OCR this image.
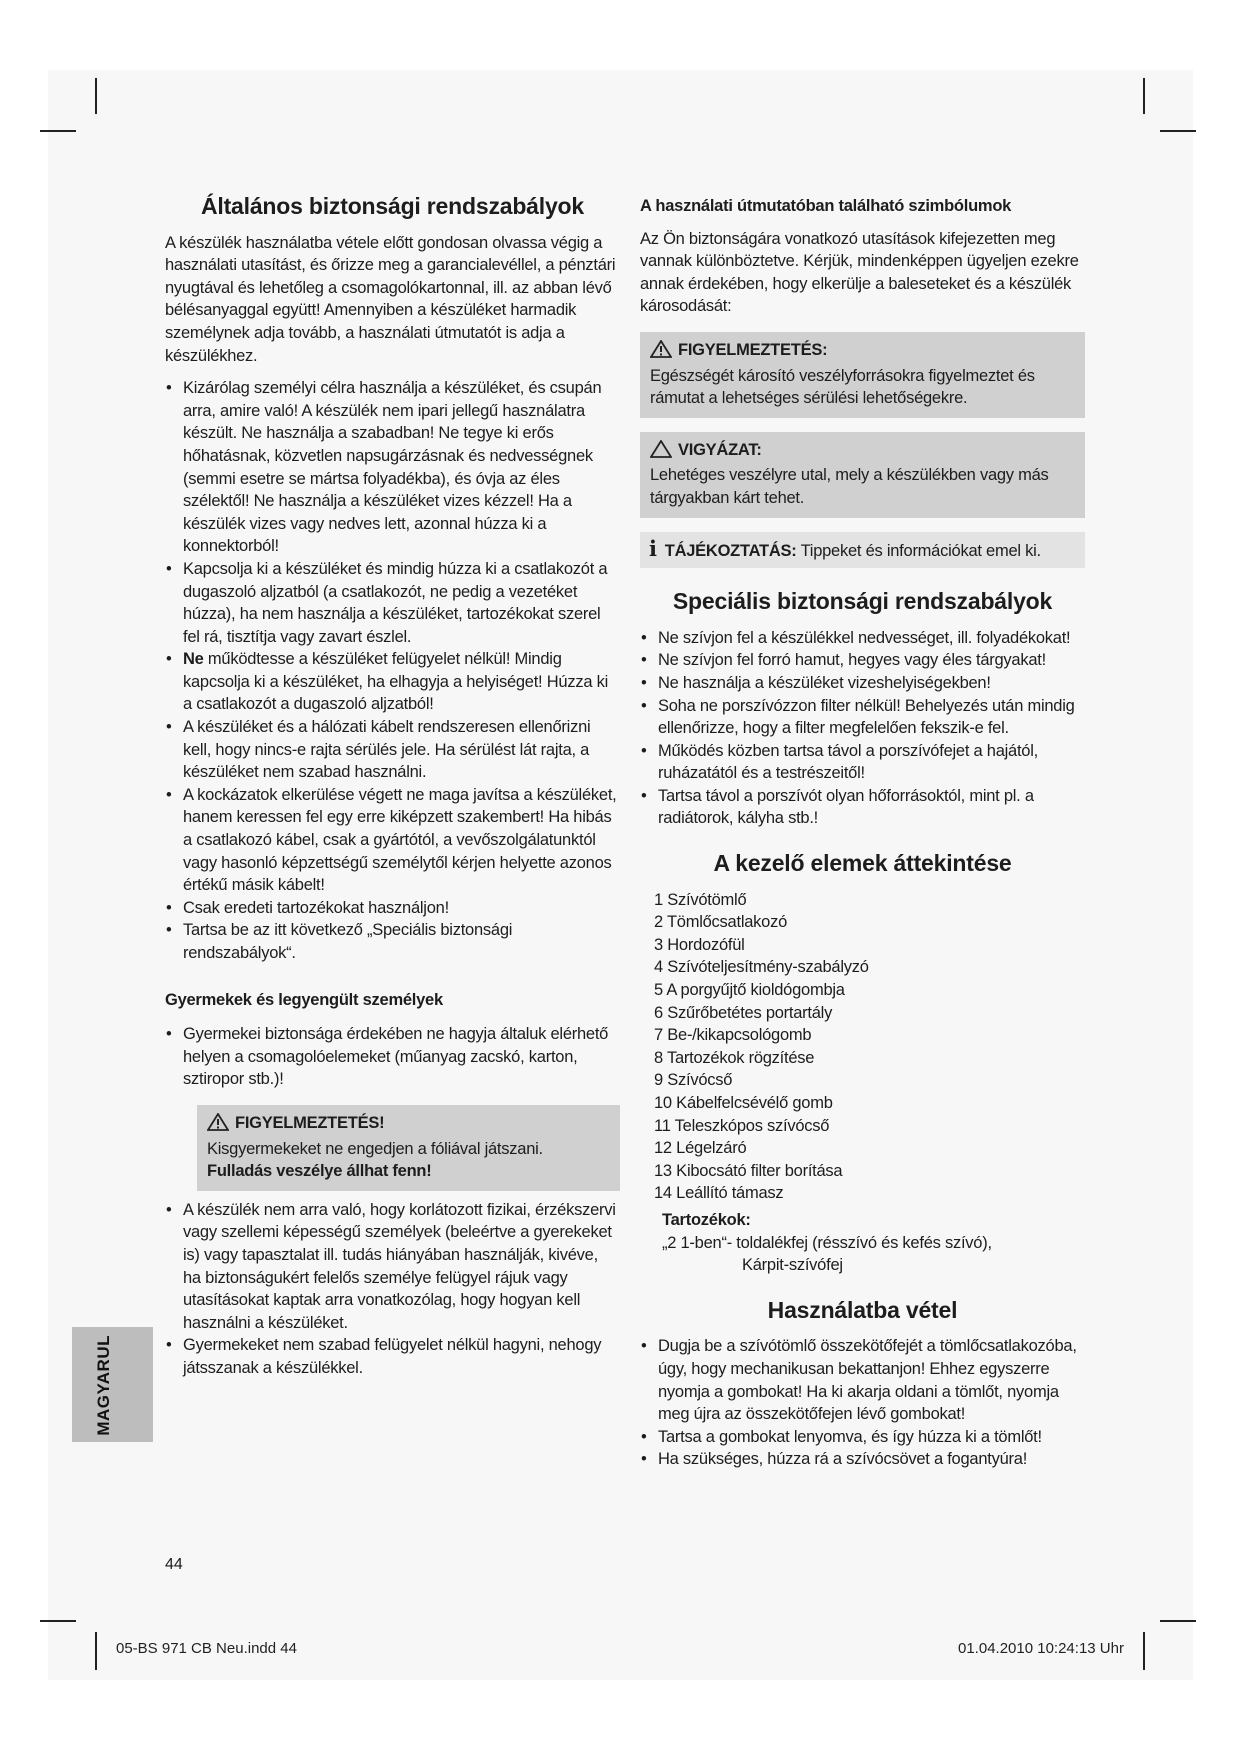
Általános biztonsági rendszabályok

A készülék használatba vétele előtt gondosan olvassa végig a használati utasítást, és őrizze meg a garancialevéllel, a pénztári nyugtával és lehetőleg a csomagolókartonnal, ill. az abban lévő bélésanyaggal együtt! Amennyiben a készüléket harmadik személynek adja tovább, a használati útmutatót is adja a készülékhez.

• Kizárólag személyi célra használja a készüléket, és csupán arra, amire való! A készülék nem ipari jellegű használatra készült. Ne használja a szabadban! Ne tegye ki erős hőhatásnak, közvetlen napsugárzásnak és nedvességnek (semmi esetre se mártsa folyadékba), és óvja az éles szélektől! Ne használja a készüléket vizes kézzel! Ha a készülék vizes vagy nedves lett, azonnal húzza ki a konnektorból!
• Kapcsolja ki a készüléket és mindig húzza ki a csatlakozót a dugaszoló aljzatból (a csatlakozót, ne pedig a vezetéket húzza), ha nem használja a készüléket, tartozékokat szerel fel rá, tisztítja vagy zavart észlel.
• Ne működtesse a készüléket felügyelet nélkül! Mindig kapcsolja ki a készüléket, ha elhagyja a helyiséget! Húzza ki a csatlakozót a dugaszoló aljzatból!
• A készüléket és a hálózati kábelt rendszeresen ellenőrizni kell, hogy nincs-e rajta sérülés jele. Ha sérülést lát rajta, a készüléket nem szabad használni.
• A kockázatok elkerülése végett ne maga javítsa a készüléket, hanem keressen fel egy erre kiképzett szakembert! Ha hibás a csatlakozó kábel, csak a gyártótól, a vevőszolgálatunktól vagy hasonló képzettségű személytől kérjen helyette azonos értékű másik kábelt!
• Csak eredeti tartozékokat használjon!
• Tartsa be az itt következő „Speciális biztonsági rendszabályok“.
Gyermekek és legyengült személyek
• Gyermekei biztonsága érdekében ne hagyja általuk elérhető helyen a csomagolóelemeket (műanyag zacskó, karton, sztiropor stb.)!
FIGYELMEZTETÉS!
Kisgyermekeket ne engedjen a fóliával játszani. Fulladás veszélye állhat fenn!
• A készülék nem arra való, hogy korlátozott fizikai, érzékszervi vagy szellemi képességű személyek (beleértve a gyerekeket is) vagy tapasztalat ill. tudás hiányában használják, kivéve, ha biztonságukért felelős személye felügyel rájuk vagy utasításokat kaptak arra vonatkozólag, hogy hogyan kell használni a készüléket.
• Gyermekeket nem szabad felügyelet nélkül hagyni, nehogy játsszanak a készülékkel.
A használati útmutatóban található szimbólumok

Az Ön biztonságára vonatkozó utasítások kifejezetten meg vannak különböztetve. Kérjük, mindenképpen ügyeljen ezekre annak érdekében, hogy elkerülje a baleseteket és a készülék károsodását:

FIGYELMEZTETÉS:

Egészségét károsító veszélyforrásokra figyelmeztet és rámutat a lehetséges sérülési lehetőségekre.

VIGYÁZAT:

Lehetéges veszélyre utal, mely a készülékben vagy más tárgyakban kárt tehet.

i TÁJÉKOZTATÁS: Tippeket és információkat emel ki.
Speciális biztonsági rendszabályok
• Ne szívjon fel a készülékkel nedvességet, ill. folyadékokat!
• Ne szívjon fel forró hamut, hegyes vagy éles tárgyakat!
• Ne használja a készüléket vizeshelyiségekben!
• Soha ne porszívózzon filter nélkül! Behelyezés után mindig ellenőrizze, hogy a filter megfelelően fekszik-e fel.
• Működés közben tartsa távol a porszívófejet a hajától, ruházatától és a testrészeitől!
• Tartsa távol a porszívót olyan hőforrásoktól, mint pl. a radiátorok, kályha stb.!
A kezelő elemek áttekintése
1 Szívótömlő
2 Tömlőcsatlakozó
3 Hordozófül
4 Szívóteljesítmény-szabályzó
5 A porgyűjtő kioldógombja
6 Szűrőbetétes portartály
7 Be-/kikapcsológomb
8 Tartozékok rögzítése
9 Szívócső
10 Kábelfelcsévélő gomb
11 Teleszkópos szívócső
12 Légelzáró
13 Kibocsátó filter borítása
14 Leállító támasz
Tartozékok:
„2 1-ben“- toldalékfej (résszívó és kefés szívó),
Kárpit-szívófej
Használatba vétel
• Dugja be a szívótömlő összekötőfejét a tömlőcsatlakozóba, úgy, hogy mechanikusan bekattanjon! Ehhez egyszerre nyomja a gombokat! Ha ki akarja oldani a tömlőt, nyomja meg újra az összekötőfejen lévő gombokat!
• Tartsa a gombokat lenyomva, és így húzza ki a tömlőt!
• Ha szükséges, húzza rá a szívócsövet a fogantyúra!
MAGYARUL
44
05-BS 971 CB Neu.indd 44	01.04.2010 10:24:13 Uhr
